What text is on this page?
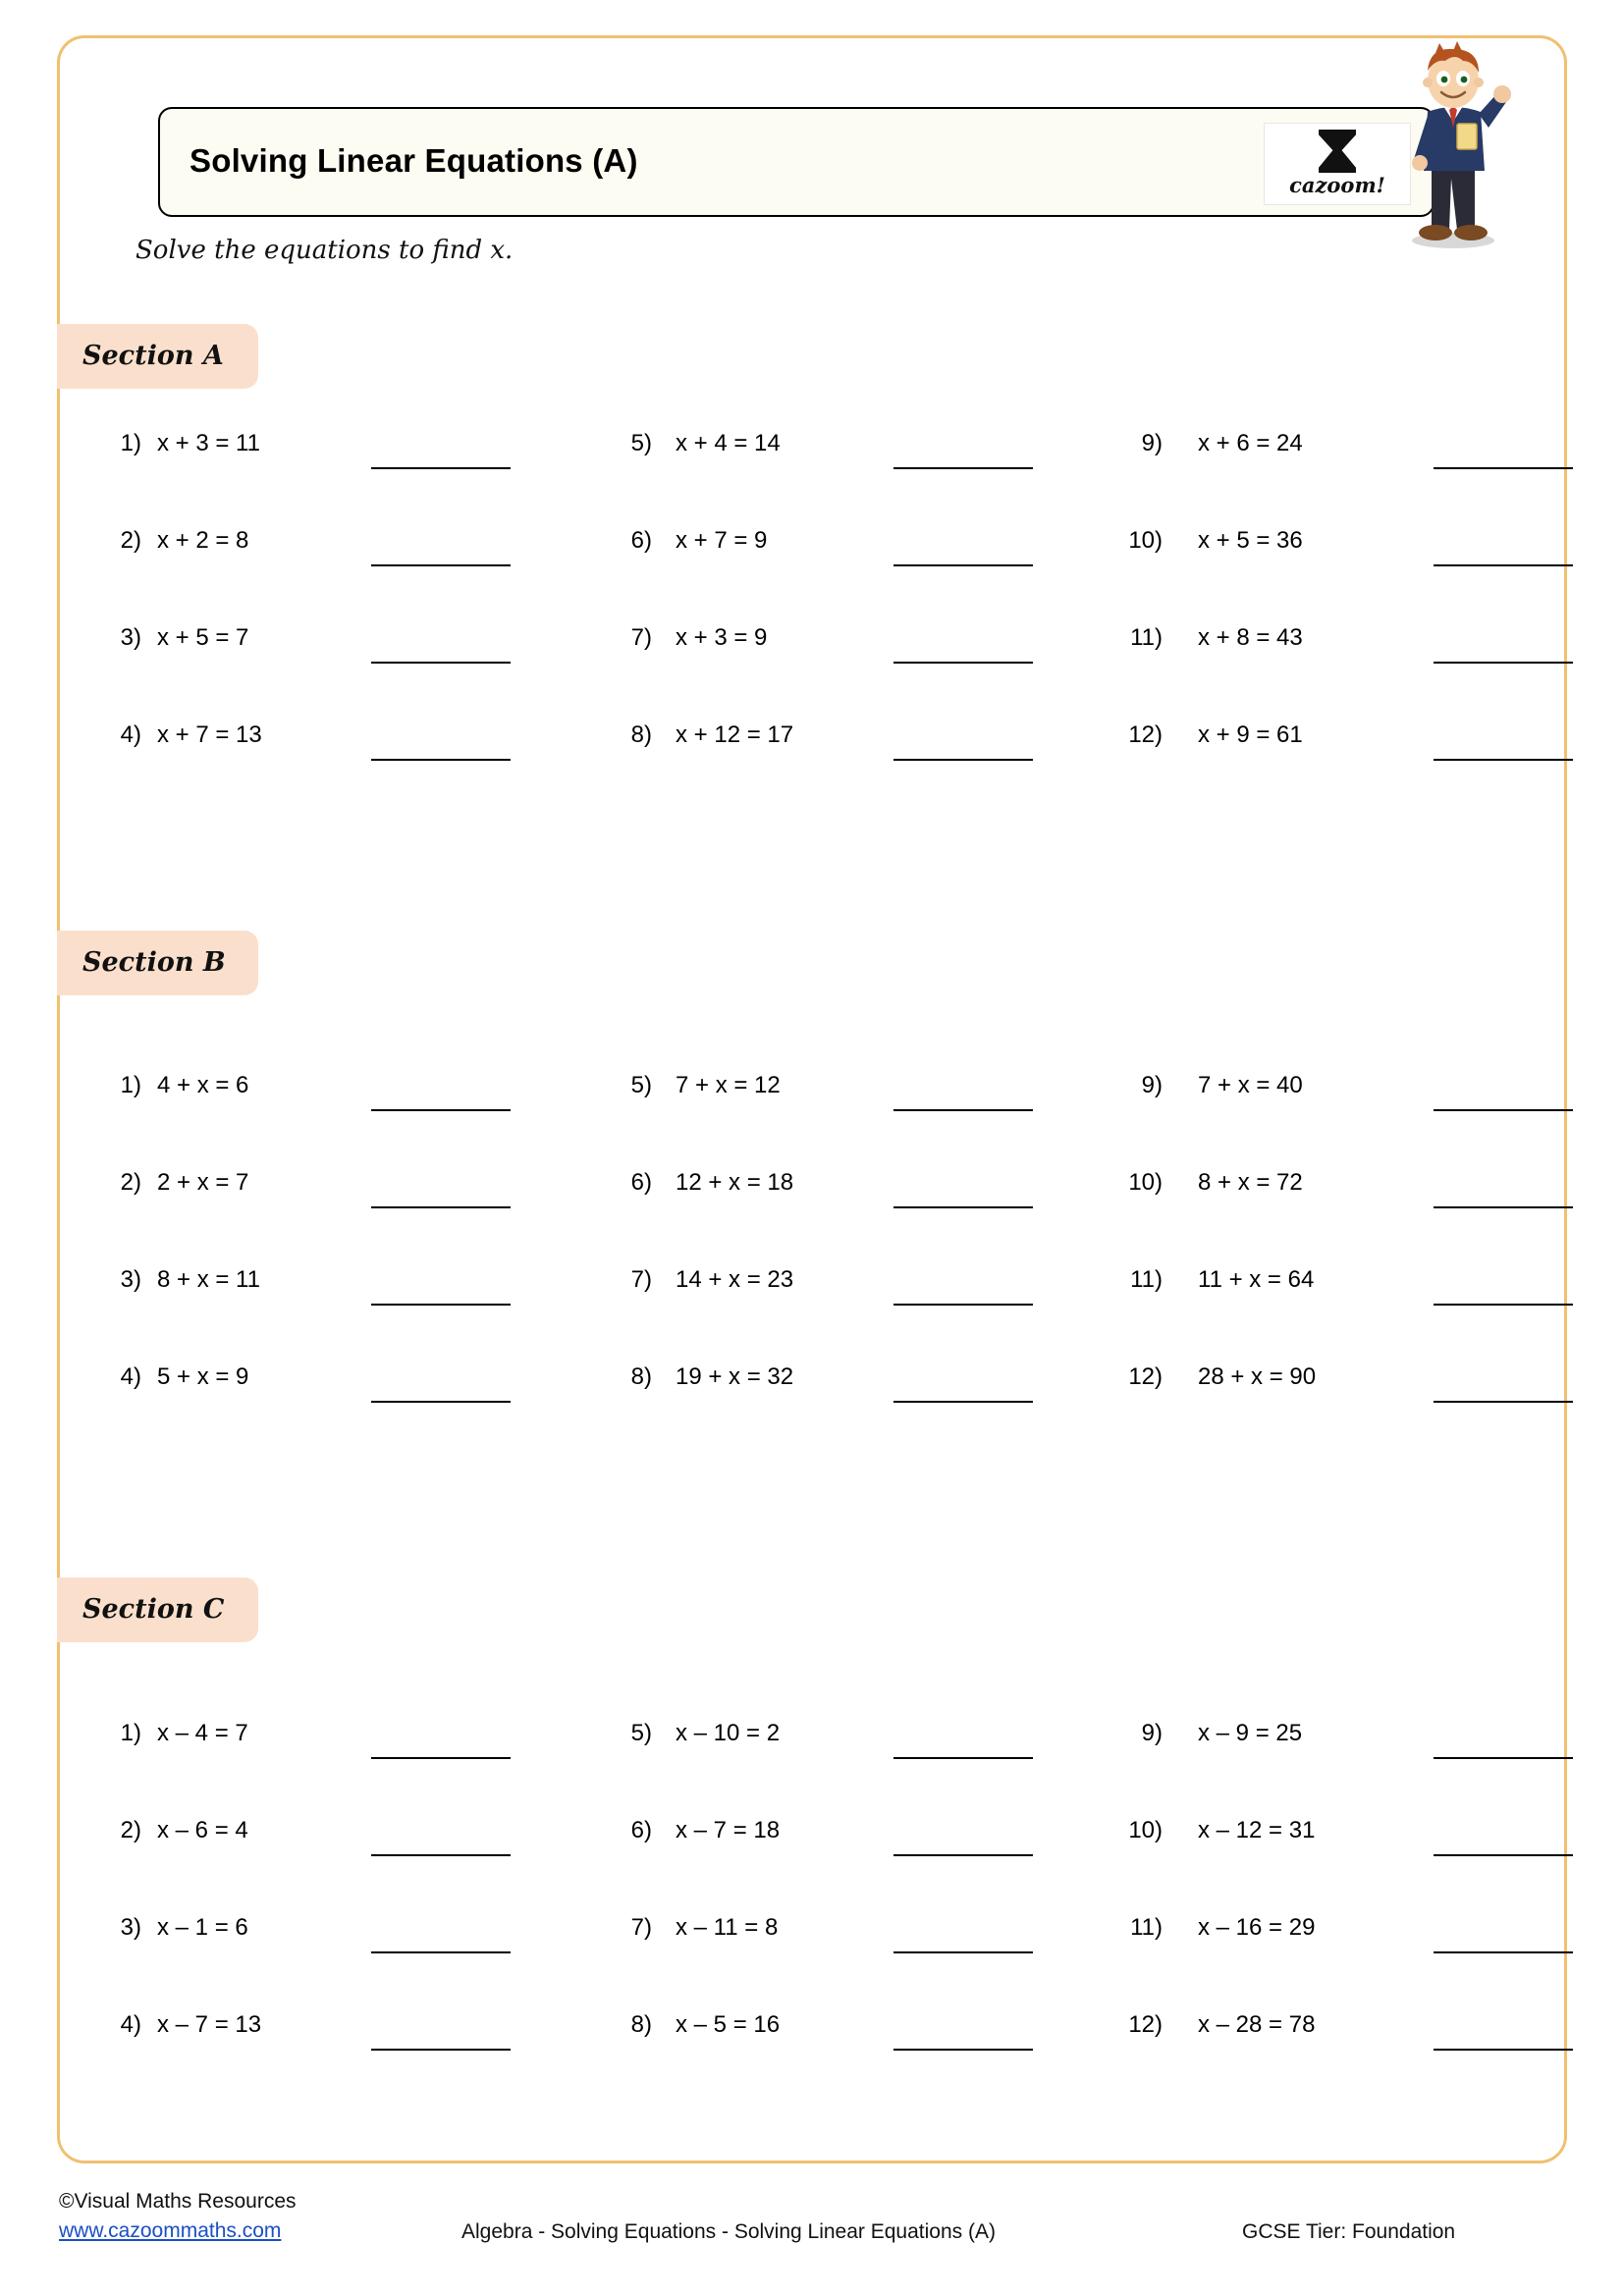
Solving Linear Equations (A)
cazoom!
Solve the equations to find x.
Section A
1) x + 3 = 11
2) x + 2 = 8
3) x + 5 = 7
4) x + 7 = 13
5) x + 4 = 14
6) x + 7 = 9
7) x + 3 = 9
8) x + 12 = 17
9) x + 6 = 24
10) x + 5 = 36
11) x + 8 = 43
12) x + 9 = 61
Section B
1) 4 + x = 6
2) 2 + x = 7
3) 8 + x = 11
4) 5 + x = 9
5) 7 + x = 12
6) 12 + x = 18
7) 14 + x = 23
8) 19 + x = 32
9) 7 + x = 40
10) 8 + x = 72
11) 11 + x = 64
12) 28 + x = 90
Section C
1) x – 4 = 7
2) x – 6 = 4
3) x – 1 = 6
4) x – 7 = 13
5) x – 10 = 2
6) x – 7 = 18
7) x – 11 = 8
8) x – 5 = 16
9) x – 9 = 25
10) x – 12 = 31
11) x – 16 = 29
12) x – 28 = 78
©Visual Maths Resources
www.cazoommaths.com	Algebra - Solving Equations - Solving Linear Equations (A)	GCSE Tier: Foundation
